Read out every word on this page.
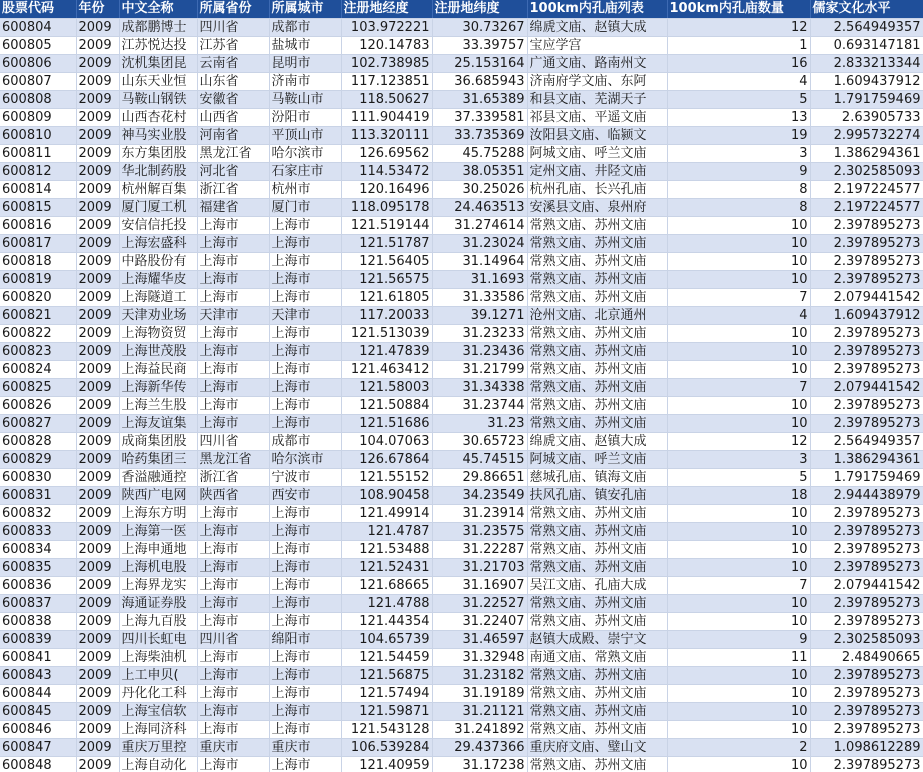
股票代码	年份	中文全称	所属省份	所属城市	注册地经度	注册地纬度	100km内孔庙列表	100km内孔庙数量	儒家文化水平
600804	2009	成都鹏博士	四川省	成都市	103.972221	30.73267	绵虒文庙、赵镇大成	12	2.564949357
600805	2009	江苏悦达投	江苏省	盐城市	120.14783	33.39757	宝应学宫	1	0.693147181
600806	2009	沈机集团昆	云南省	昆明市	102.738985	25.153164	广通文庙、路南州文	16	2.833213344
600807	2009	山东天业恒	山东省	济南市	117.123851	36.685943	济南府学文庙、东阿	4	1.609437912
600808	2009	马鞍山钢铁	安徽省	马鞍山市	118.50627	31.65389	和县文庙、芜湖天子	5	1.791759469
600809	2009	山西杏花村	山西省	汾阳市	111.904419	37.339581	祁县文庙、平遥文庙	13	2.63905733
600810	2009	神马实业股	河南省	平顶山市	113.320111	33.735369	汝阳县文庙、临颍文	19	2.995732274
600811	2009	东方集团股	黑龙江省	哈尔滨市	126.69562	45.75288	阿城文庙、呼兰文庙	3	1.386294361
600812	2009	华北制药股	河北省	石家庄市	114.53472	38.05351	定州文庙、井陉文庙	9	2.302585093
600814	2009	杭州解百集	浙江省	杭州市	120.16496	30.25026	杭州孔庙、长兴孔庙	8	2.197224577
600815	2009	厦门厦工机	福建省	厦门市	118.095178	24.463513	安溪县文庙、泉州府	8	2.197224577
600816	2009	安信信托投	上海市	上海市	121.519144	31.274614	常熟文庙、苏州文庙	10	2.397895273
600817	2009	上海宏盛科	上海市	上海市	121.51787	31.23024	常熟文庙、苏州文庙	10	2.397895273
600818	2009	中路股份有	上海市	上海市	121.56405	31.14964	常熟文庙、苏州文庙	10	2.397895273
600819	2009	上海耀华皮	上海市	上海市	121.56575	31.1693	常熟文庙、苏州文庙	10	2.397895273
600820	2009	上海隧道工	上海市	上海市	121.61805	31.33586	常熟文庙、苏州文庙	7	2.079441542
600821	2009	天津劝业场	天津市	天津市	117.20033	39.1271	沧州文庙、北京通州	4	1.609437912
600822	2009	上海物资贸	上海市	上海市	121.513039	31.23233	常熟文庙、苏州文庙	10	2.397895273
600823	2009	上海世茂股	上海市	上海市	121.47839	31.23436	常熟文庙、苏州文庙	10	2.397895273
600824	2009	上海益民商	上海市	上海市	121.463412	31.21799	常熟文庙、苏州文庙	10	2.397895273
600825	2009	上海新华传	上海市	上海市	121.58003	31.34338	常熟文庙、苏州文庙	7	2.079441542
600826	2009	上海兰生股	上海市	上海市	121.50884	31.23744	常熟文庙、苏州文庙	10	2.397895273
600827	2009	上海友谊集	上海市	上海市	121.51686	31.23	常熟文庙、苏州文庙	10	2.397895273
600828	2009	成商集团股	四川省	成都市	104.07063	30.65723	绵虒文庙、赵镇大成	12	2.564949357
600829	2009	哈药集团三	黑龙江省	哈尔滨市	126.67864	45.74515	阿城文庙、呼兰文庙	3	1.386294361
600830	2009	香溢融通控	浙江省	宁波市	121.55152	29.86651	慈城孔庙、镇海文庙	5	1.791759469
600831	2009	陕西广电网	陕西省	西安市	108.90458	34.23549	扶风孔庙、镇安孔庙	18	2.944438979
600832	2009	上海东方明	上海市	上海市	121.49914	31.23914	常熟文庙、苏州文庙	10	2.397895273
600833	2009	上海第一医	上海市	上海市	121.4787	31.23575	常熟文庙、苏州文庙	10	2.397895273
600834	2009	上海申通地	上海市	上海市	121.53488	31.22287	常熟文庙、苏州文庙	10	2.397895273
600835	2009	上海机电股	上海市	上海市	121.52431	31.21703	常熟文庙、苏州文庙	10	2.397895273
600836	2009	上海界龙实	上海市	上海市	121.68665	31.16907	吴江文庙、孔庙大成	7	2.079441542
600837	2009	海通证券股	上海市	上海市	121.4788	31.22527	常熟文庙、苏州文庙	10	2.397895273
600838	2009	上海九百股	上海市	上海市	121.44354	31.22407	常熟文庙、苏州文庙	10	2.397895273
600839	2009	四川长虹电	四川省	绵阳市	104.65739	31.46597	赵镇大成殿、崇宁文	9	2.302585093
600841	2009	上海柴油机	上海市	上海市	121.54459	31.32948	南通文庙、常熟文庙	11	2.48490665
600843	2009	上工申贝(	上海市	上海市	121.56875	31.23182	常熟文庙、苏州文庙	10	2.397895273
600844	2009	丹化化工科	上海市	上海市	121.57494	31.19189	常熟文庙、苏州文庙	10	2.397895273
600845	2009	上海宝信软	上海市	上海市	121.59871	31.21121	常熟文庙、苏州文庙	10	2.397895273
600846	2009	上海同济科	上海市	上海市	121.543128	31.241892	常熟文庙、苏州文庙	10	2.397895273
600847	2009	重庆万里控	重庆市	重庆市	106.539284	29.437366	重庆府文庙、璧山文	2	1.098612289
600848	2009	上海自动化	上海市	上海市	121.40959	31.17238	常熟文庙、苏州文庙	10	2.397895273
